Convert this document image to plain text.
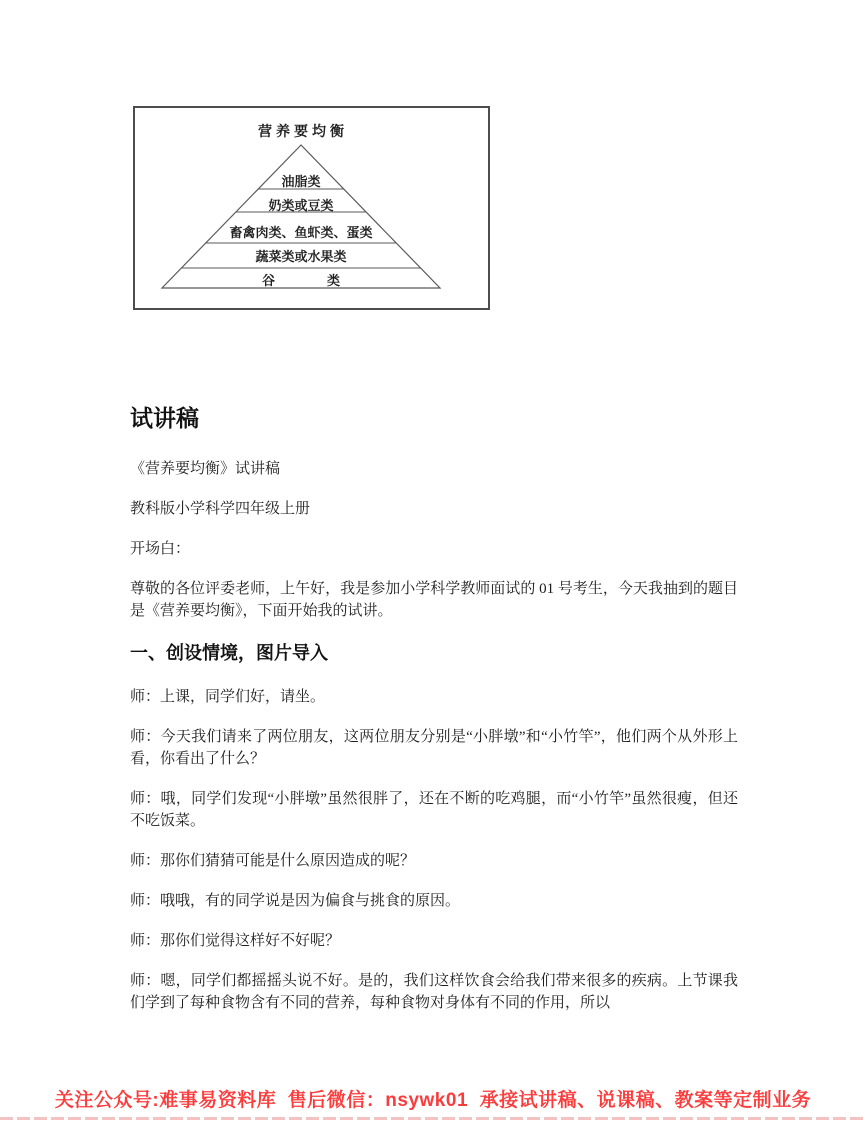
营养要均衡
油脂类
奶类或豆类
畜禽肉类、鱼虾类、蛋类
蔬菜类或水果类
谷　　　　类
试讲稿

《营养要均衡》试讲稿

教科版小学科学四年级上册

开场白：

尊敬的各位评委老师，上午好，我是参加小学科学教师面试的 01 号考生，今天我抽到的题目是《营养要均衡》，下面开始我的试讲。

一、创设情境，图片导入

师：上课，同学们好，请坐。

师：今天我们请来了两位朋友，这两位朋友分别是“小胖墩”和“小竹竿”，他们两个从外形上看，你看出了什么？

师：哦，同学们发现“小胖墩”虽然很胖了，还在不断的吃鸡腿，而“小竹竿”虽然很瘦，但还不吃饭菜。

师：那你们猜猜可能是什么原因造成的呢？

师：哦哦，有的同学说是因为偏食与挑食的原因。

师：那你们觉得这样好不好呢？

师：嗯，同学们都摇摇头说不好。是的，我们这样饮食会给我们带来很多的疾病。上节课我们学到了每种食物含有不同的营养，每种食物对身体有不同的作用，所以

关注公众号:难事易资料库  售后微信：nsywk01  承接试讲稿、说课稿、教案等定制业务
